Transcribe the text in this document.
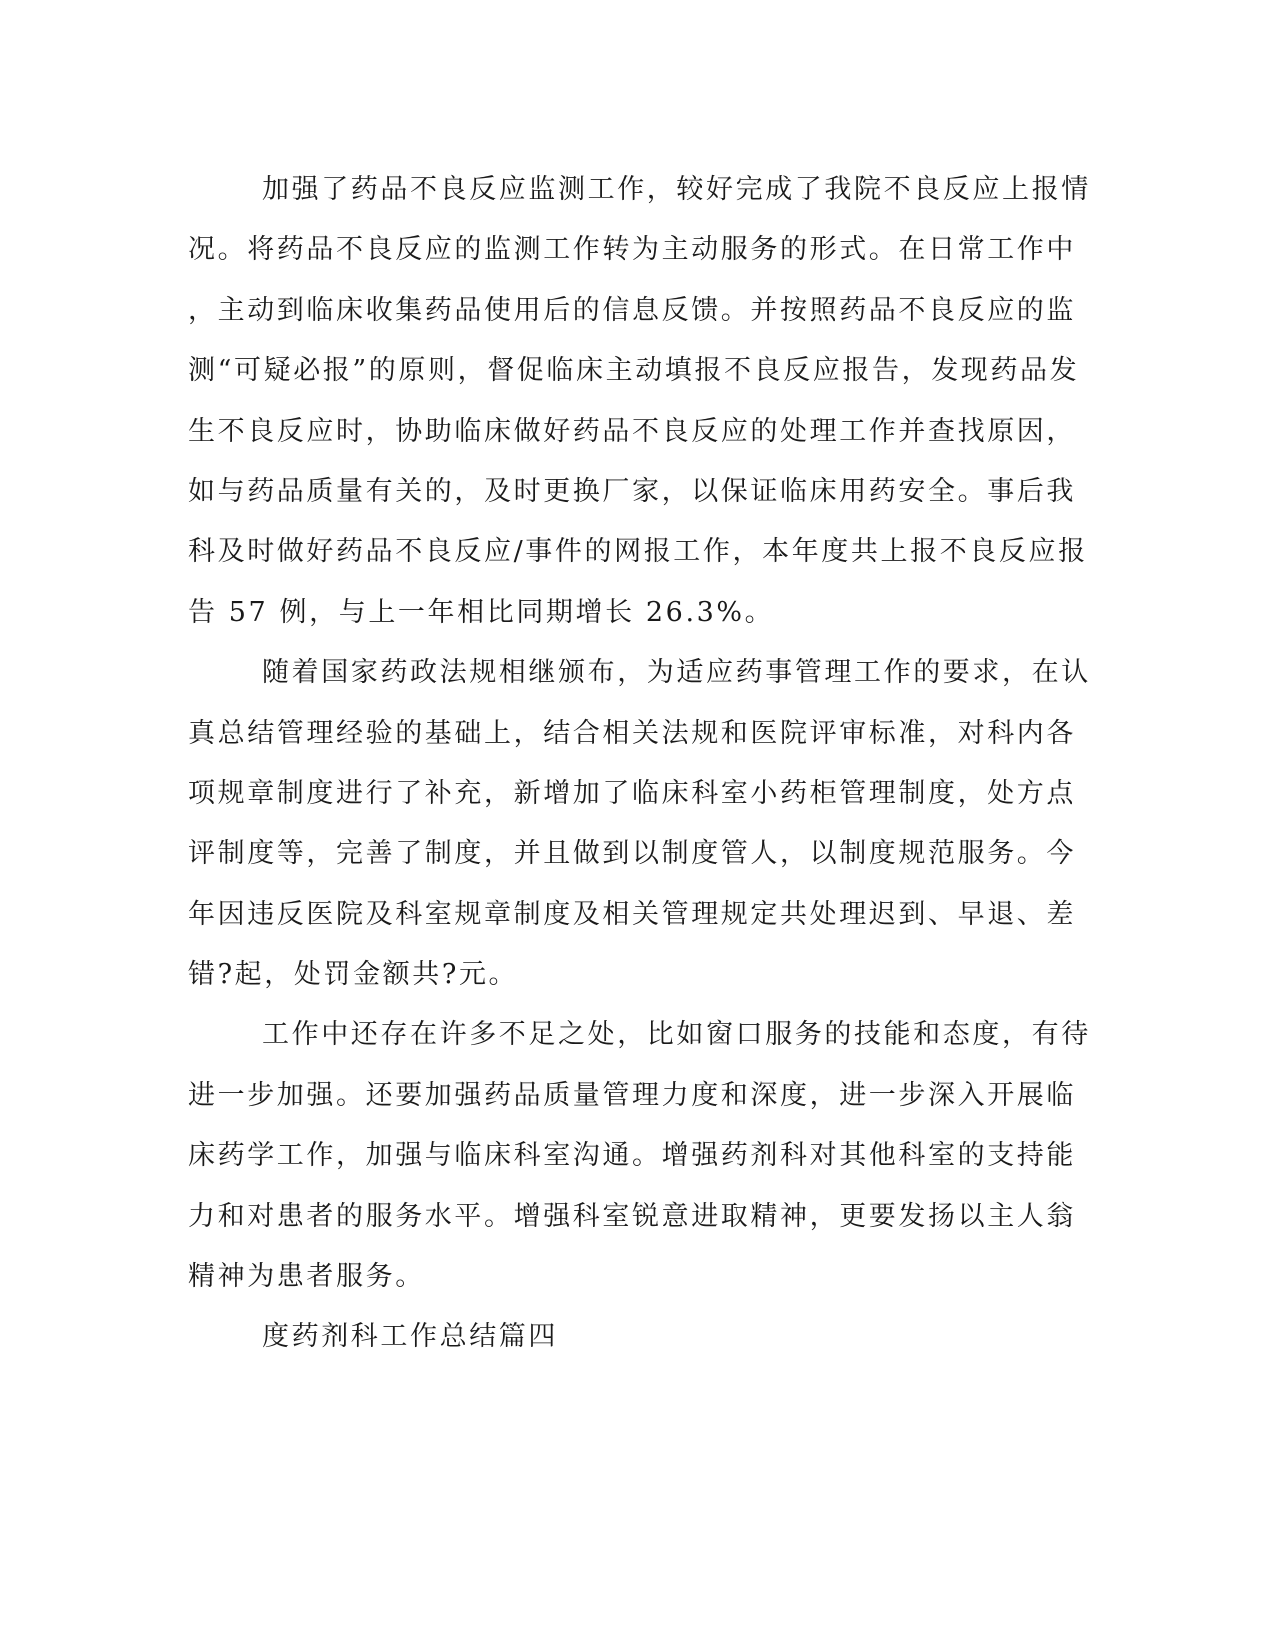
加强了药品不良反应监测工作，较好完成了我院不良反应上报情
况。将药品不良反应的监测工作转为主动服务的形式。在日常工作中
，主动到临床收集药品使用后的信息反馈。并按照药品不良反应的监
测“可疑必报”的原则，督促临床主动填报不良反应报告，发现药品发
生不良反应时，协助临床做好药品不良反应的处理工作并查找原因，
如与药品质量有关的，及时更换厂家，以保证临床用药安全。事后我
科及时做好药品不良反应/事件的网报工作，本年度共上报不良反应报
告 57 例，与上一年相比同期增长 26.3%。
随着国家药政法规相继颁布，为适应药事管理工作的要求，在认
真总结管理经验的基础上，结合相关法规和医院评审标准，对科内各
项规章制度进行了补充，新增加了临床科室小药柜管理制度，处方点
评制度等，完善了制度，并且做到以制度管人，以制度规范服务。今
年因违反医院及科室规章制度及相关管理规定共处理迟到、早退、差
错?起，处罚金额共?元。
工作中还存在许多不足之处，比如窗口服务的技能和态度，有待
进一步加强。还要加强药品质量管理力度和深度，进一步深入开展临
床药学工作，加强与临床科室沟通。增强药剂科对其他科室的支持能
力和对患者的服务水平。增强科室锐意进取精神，更要发扬以主人翁
精神为患者服务。
度药剂科工作总结篇四
